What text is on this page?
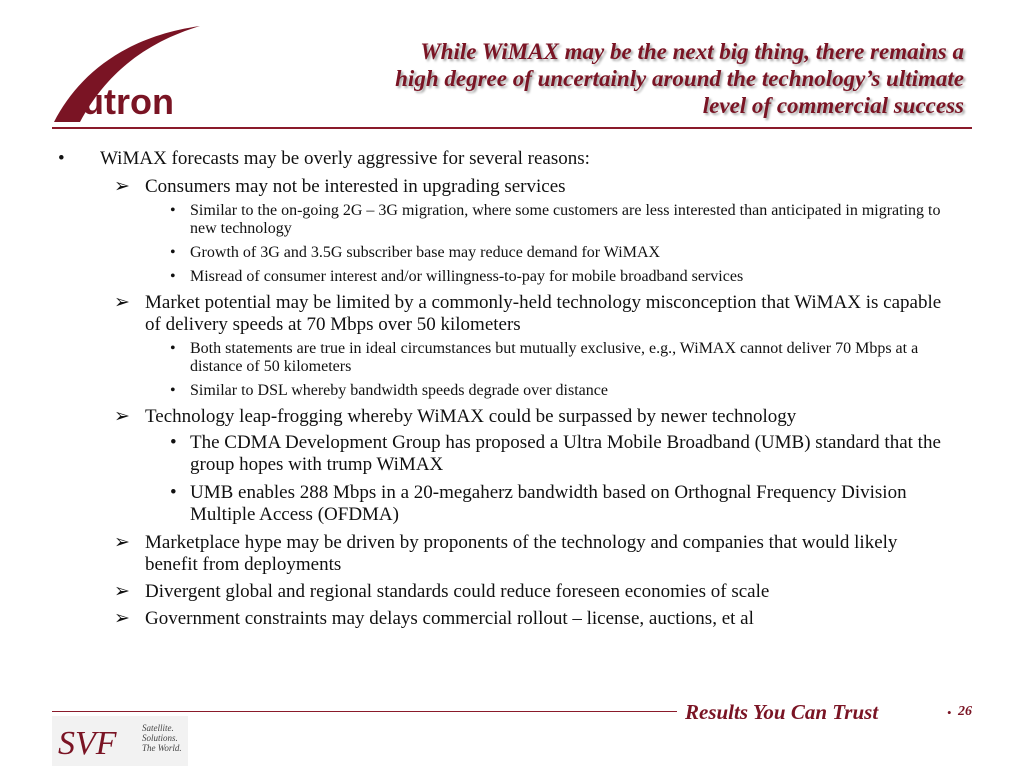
utron
While WiMAX may be the next big thing, there remains a
high degree of uncertainly around the technology’s ultimate
level of commercial success
• WiMAX forecasts may be overly aggressive for several reasons:
➢ Consumers may not be interested in upgrading services
• Similar to the on-going 2G – 3G migration, where some customers are less interested than anticipated in migrating to new technology
• Growth of 3G and 3.5G subscriber base may reduce demand for WiMAX
• Misread of consumer interest and/or willingness-to-pay for mobile broadband services
➢ Market potential may be limited by a commonly-held technology misconception that WiMAX is capable of delivery speeds at 70 Mbps over 50 kilometers
• Both statements are true in ideal circumstances but mutually exclusive, e.g., WiMAX cannot deliver 70 Mbps at a distance of 50 kilometers
• Similar to DSL whereby bandwidth speeds degrade over distance
➢ Technology leap-frogging whereby WiMAX could be surpassed by newer technology
• The CDMA Development Group has proposed a Ultra Mobile Broadband (UMB) standard that the group hopes with trump WiMAX
• UMB enables 288 Mbps in a 20-megaherz bandwidth based on Orthognal Frequency Division Multiple Access (OFDMA)
➢ Marketplace hype may be driven by proponents of the technology and companies that would likely benefit from deployments
➢ Divergent global and regional standards could reduce foreseen economies of scale
➢ Government constraints may delays commercial rollout – license, auctions, et al
Results You Can Trust	• 26
SVF	Satellite.
Solutions.
The World.
